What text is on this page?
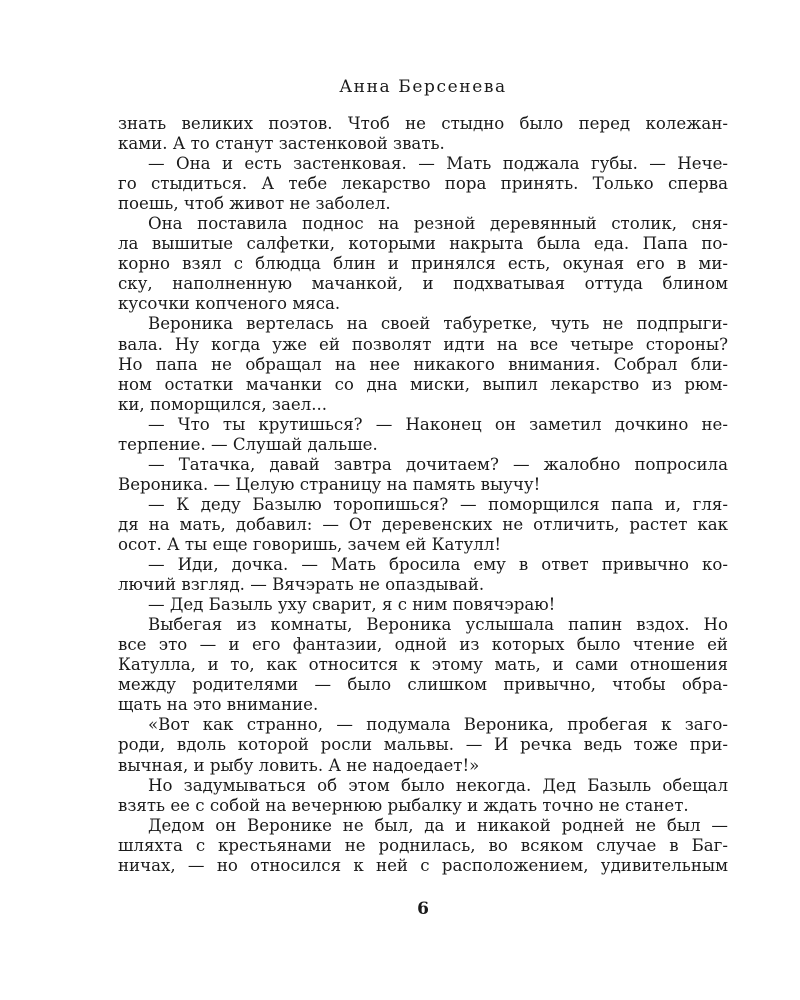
Анна Берсенева
знать великих поэтов. Чтоб не стыдно было перед колежан-
ками. А то станут застенковой звать.
— Она и есть застенковая. — Мать поджала губы. — Нече-
го стыдиться. А тебе лекарство пора принять. Только сперва
поешь, чтоб живот не заболел.
Она поставила поднос на резной деревянный столик, сня-
ла вышитые салфетки, которыми накрыта была еда. Папа по-
корно взял с блюдца блин и принялся есть, окуная его в ми-
ску, наполненную мачанкой, и подхватывая оттуда блином
кусочки копченого мяса.
Вероника вертелась на своей табуретке, чуть не подпрыги-
вала. Ну когда уже ей позволят идти на все четыре стороны?
Но папа не обращал на нее никакого внимания. Собрал бли-
ном остатки мачанки со дна миски, выпил лекарство из рюм-
ки, поморщился, заел...
— Что ты крутишься? — Наконец он заметил дочкино не-
терпение. — Слушай дальше.
— Татачка, давай завтра дочитаем? — жалобно попросила
Вероника. — Целую страницу на память выучу!
— К деду Базылю торопишься? — поморщился папа и, гля-
дя на мать, добавил: — От деревенских не отличить, растет как
осот. А ты еще говоришь, зачем ей Катулл!
— Иди, дочка. — Мать бросила ему в ответ привычно ко-
лючий взгляд. — Вячэрать не опаздывай.
— Дед Базыль уху сварит, я с ним повячэраю!
Выбегая из комнаты, Вероника услышала папин вздох. Но
все это — и его фантазии, одной из которых было чтение ей
Катулла, и то, как относится к этому мать, и сами отношения
между родителями — было слишком привычно, чтобы обра-
щать на это внимание.
«Вот как странно, — подумала Вероника, пробегая к заго-
роди, вдоль которой росли мальвы. — И речка ведь тоже при-
вычная, и рыбу ловить. А не надоедает!»
Но задумываться об этом было некогда. Дед Базыль обещал
взять ее с собой на вечернюю рыбалку и ждать точно не станет.
Дедом он Веронике не был, да и никакой родней не был —
шляхта с крестьянами не роднилась, во всяком случае в Баг-
ничах, — но относился к ней с расположением, удивительным
6
